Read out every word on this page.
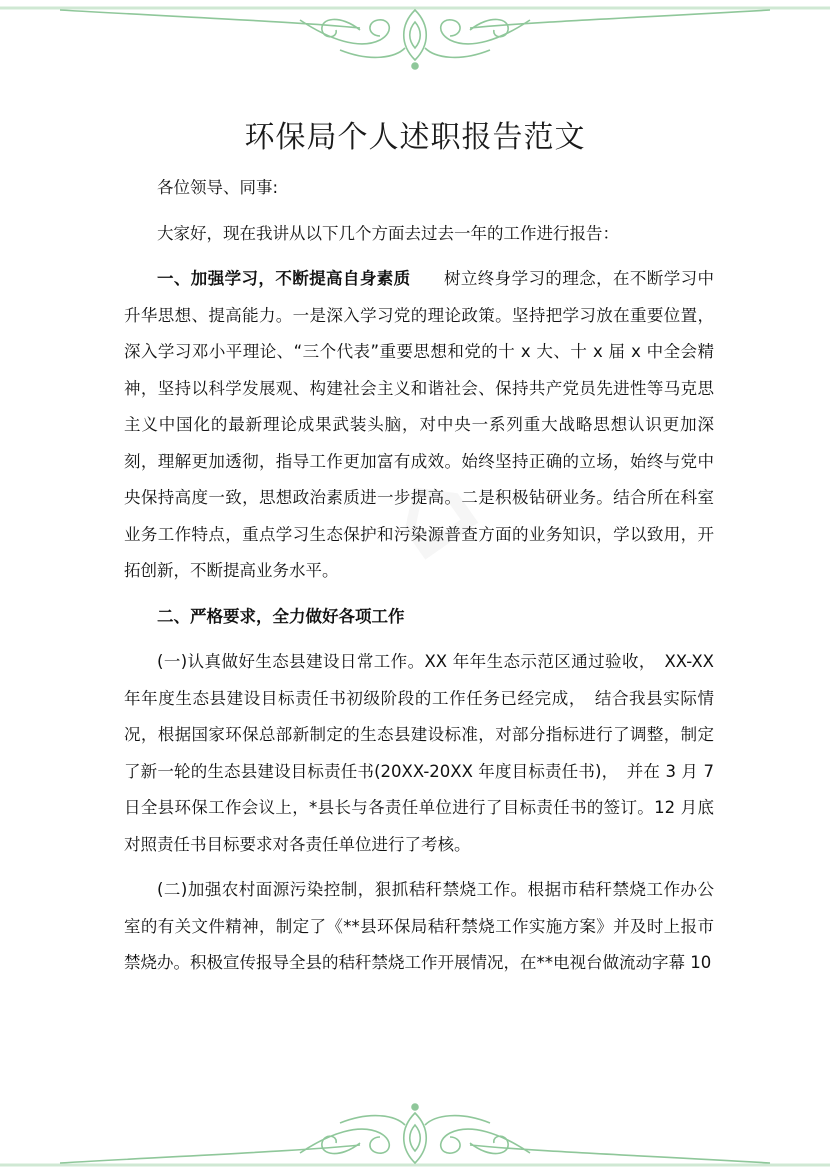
⌂
环保局个人述职报告范文

各位领导、同事:

大家好，现在我讲从以下几个方面去过去一年的工作进行报告：

一、加强学习，不断提高自身素质   树立终身学习的理念，在不断学习中升华思想、提高能力。一是深入学习党的理论政策。坚持把学习放在重要位置，深入学习邓小平理论、“三个代表”重要思想和党的十 x 大、十 x 届 x 中全会精神，坚持以科学发展观、构建社会主义和谐社会、保持共产党员先进性等马克思主义中国化的最新理论成果武装头脑，对中央一系列重大战略思想认识更加深刻，理解更加透彻，指导工作更加富有成效。始终坚持正确的立场，始终与党中央保持高度一致，思想政治素质进一步提高。二是积极钻研业务。结合所在科室业务工作特点，重点学习生态保护和污染源普查方面的业务知识，学以致用，开拓创新，不断提高业务水平。

二、严格要求，全力做好各项工作

(一)认真做好生态县建设日常工作。XX 年年生态示范区通过验收，　XX-XX 年年度生态县建设目标责任书初级阶段的工作任务已经完成，　结合我县实际情况，根据国家环保总部新制定的生态县建设标准，对部分指标进行了调整，制定了新一轮的生态县建设目标责任书(20XX-20XX 年度目标责任书)，　并在 3 月 7 日全县环保工作会议上，*县长与各责任单位进行了目标责任书的签订。12 月底对照责任书目标要求对各责任单位进行了考核。

(二)加强农村面源污染控制，狠抓秸秆禁烧工作。根据市秸秆禁烧工作办公室的有关文件精神，制定了《**县环保局秸秆禁烧工作实施方案》并及时上报市禁烧办。积极宣传报导全县的秸秆禁烧工作开展情况，在**电视台做流动字幕 10
